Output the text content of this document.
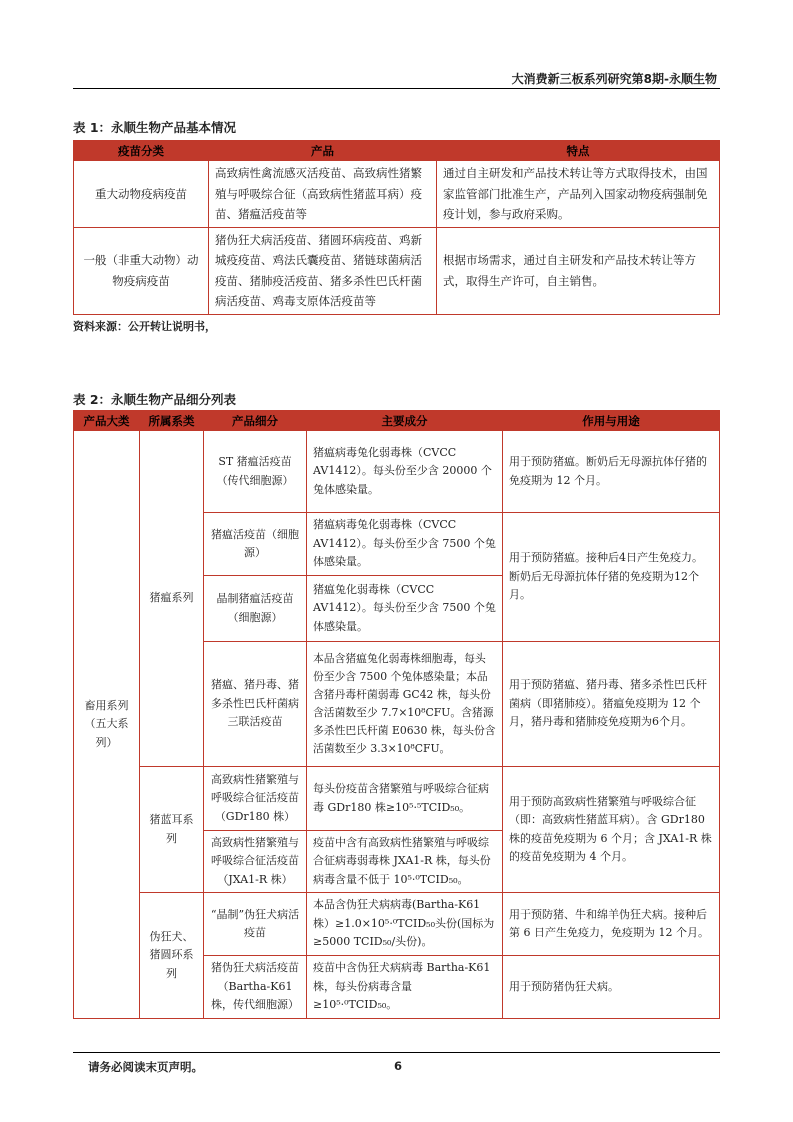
大消费新三板系列研究第8期-永顺生物
表 1：永顺生物产品基本情况
疫苗分类	产品	特点
重大动物疫病疫苗	高致病性禽流感灭活疫苗、高致病性猪繁殖与呼吸综合征（高致病性猪蓝耳病）疫苗、猪瘟活疫苗等	通过自主研发和产品技术转让等方式取得技术，由国家监管部门批准生产，产品列入国家动物疫病强制免疫计划，参与政府采购。
一般（非重大动物）动物疫病疫苗	猪伪狂犬病活疫苗、猪圆环病疫苗、鸡新城疫疫苗、鸡法氏囊疫苗、猪链球菌病活疫苗、猪肺疫活疫苗、猪多杀性巴氏杆菌病活疫苗、鸡毒支原体活疫苗等	根据市场需求，通过自主研发和产品技术转让等方式，取得生产许可，自主销售。
资料来源：公开转让说明书，
表 2：永顺生物产品细分列表
产品大类	所属系类	产品细分	主要成分	作用与用途
畜用系列（五大系列）	猪瘟系列	ST 猪瘟活疫苗（传代细胞源）	猪瘟病毒兔化弱毒株（CVCC AV1412）。每头份至少含 20000 个兔体感染量。	用于预防猪瘟。断奶后无母源抗体仔猪的免疫期为 12 个月。
		猪瘟活疫苗（细胞源）	猪瘟病毒兔化弱毒株（CVCC AV1412）。每头份至少含 7500 个兔体感染量。	用于预防猪瘟。接种后4日产生免疫力。断奶后无母源抗体仔猪的免疫期为12个月。
		晶制猪瘟活疫苗（细胞源）	猪瘟兔化弱毒株（CVCC AV1412）。每头份至少含 7500 个兔体感染量。	
		猪瘟、猪丹毒、猪多杀性巴氏杆菌病三联活疫苗	本品含猪瘟兔化弱毒株细胞毒，每头份至少含 7500 个兔体感染量；本品含猪丹毒杆菌弱毒 GC42 株，每头份含活菌数至少 7.7×10⁸CFU。含猪源多杀性巴氏杆菌 E0630 株，每头份含活菌数至少 3.3×10⁸CFU。	用于预防猪瘟、猪丹毒、猪多杀性巴氏杆菌病（即猪肺疫）。猪瘟免疫期为 12 个月，猪丹毒和猪肺疫免疫期为6个月。
	猪蓝耳系列	高致病性猪繁殖与呼吸综合征活疫苗（GDr180 株）	每头份疫苗含猪繁殖与呼吸综合征病毒 GDr180 株≥10⁵·⁵TCID₅₀。	用于预防高致病性猪繁殖与呼吸综合征（即：高致病性猪蓝耳病）。含 GDr180 株的疫苗免疫期为 6 个月；含 JXA1-R 株的疫苗免疫期为 4 个月。
		高致病性猪繁殖与呼吸综合征活疫苗（JXA1-R 株）	疫苗中含有高致病性猪繁殖与呼吸综合征病毒弱毒株 JXA1-R 株，每头份病毒含量不低于 10⁵·⁰TCID₅₀。	
	伪狂犬、猪圆环系列	“晶制”伪狂犬病活疫苗	本品含伪狂犬病病毒(Bartha-K61株）≥1.0×10⁵·⁰TCID₅₀头份(国标为≥5000 TCID₅₀/头份)。	用于预防猪、牛和绵羊伪狂犬病。接种后第 6 日产生免疫力，免疫期为 12 个月。
		猪伪狂犬病活疫苗（Bartha-K61 株，传代细胞源）	疫苗中含伪狂犬病病毒 Bartha-K61 株，每头份病毒含量≥10⁵·⁰TCID₅₀。	用于预防猪伪狂犬病。
请务必阅读末页声明。	6
